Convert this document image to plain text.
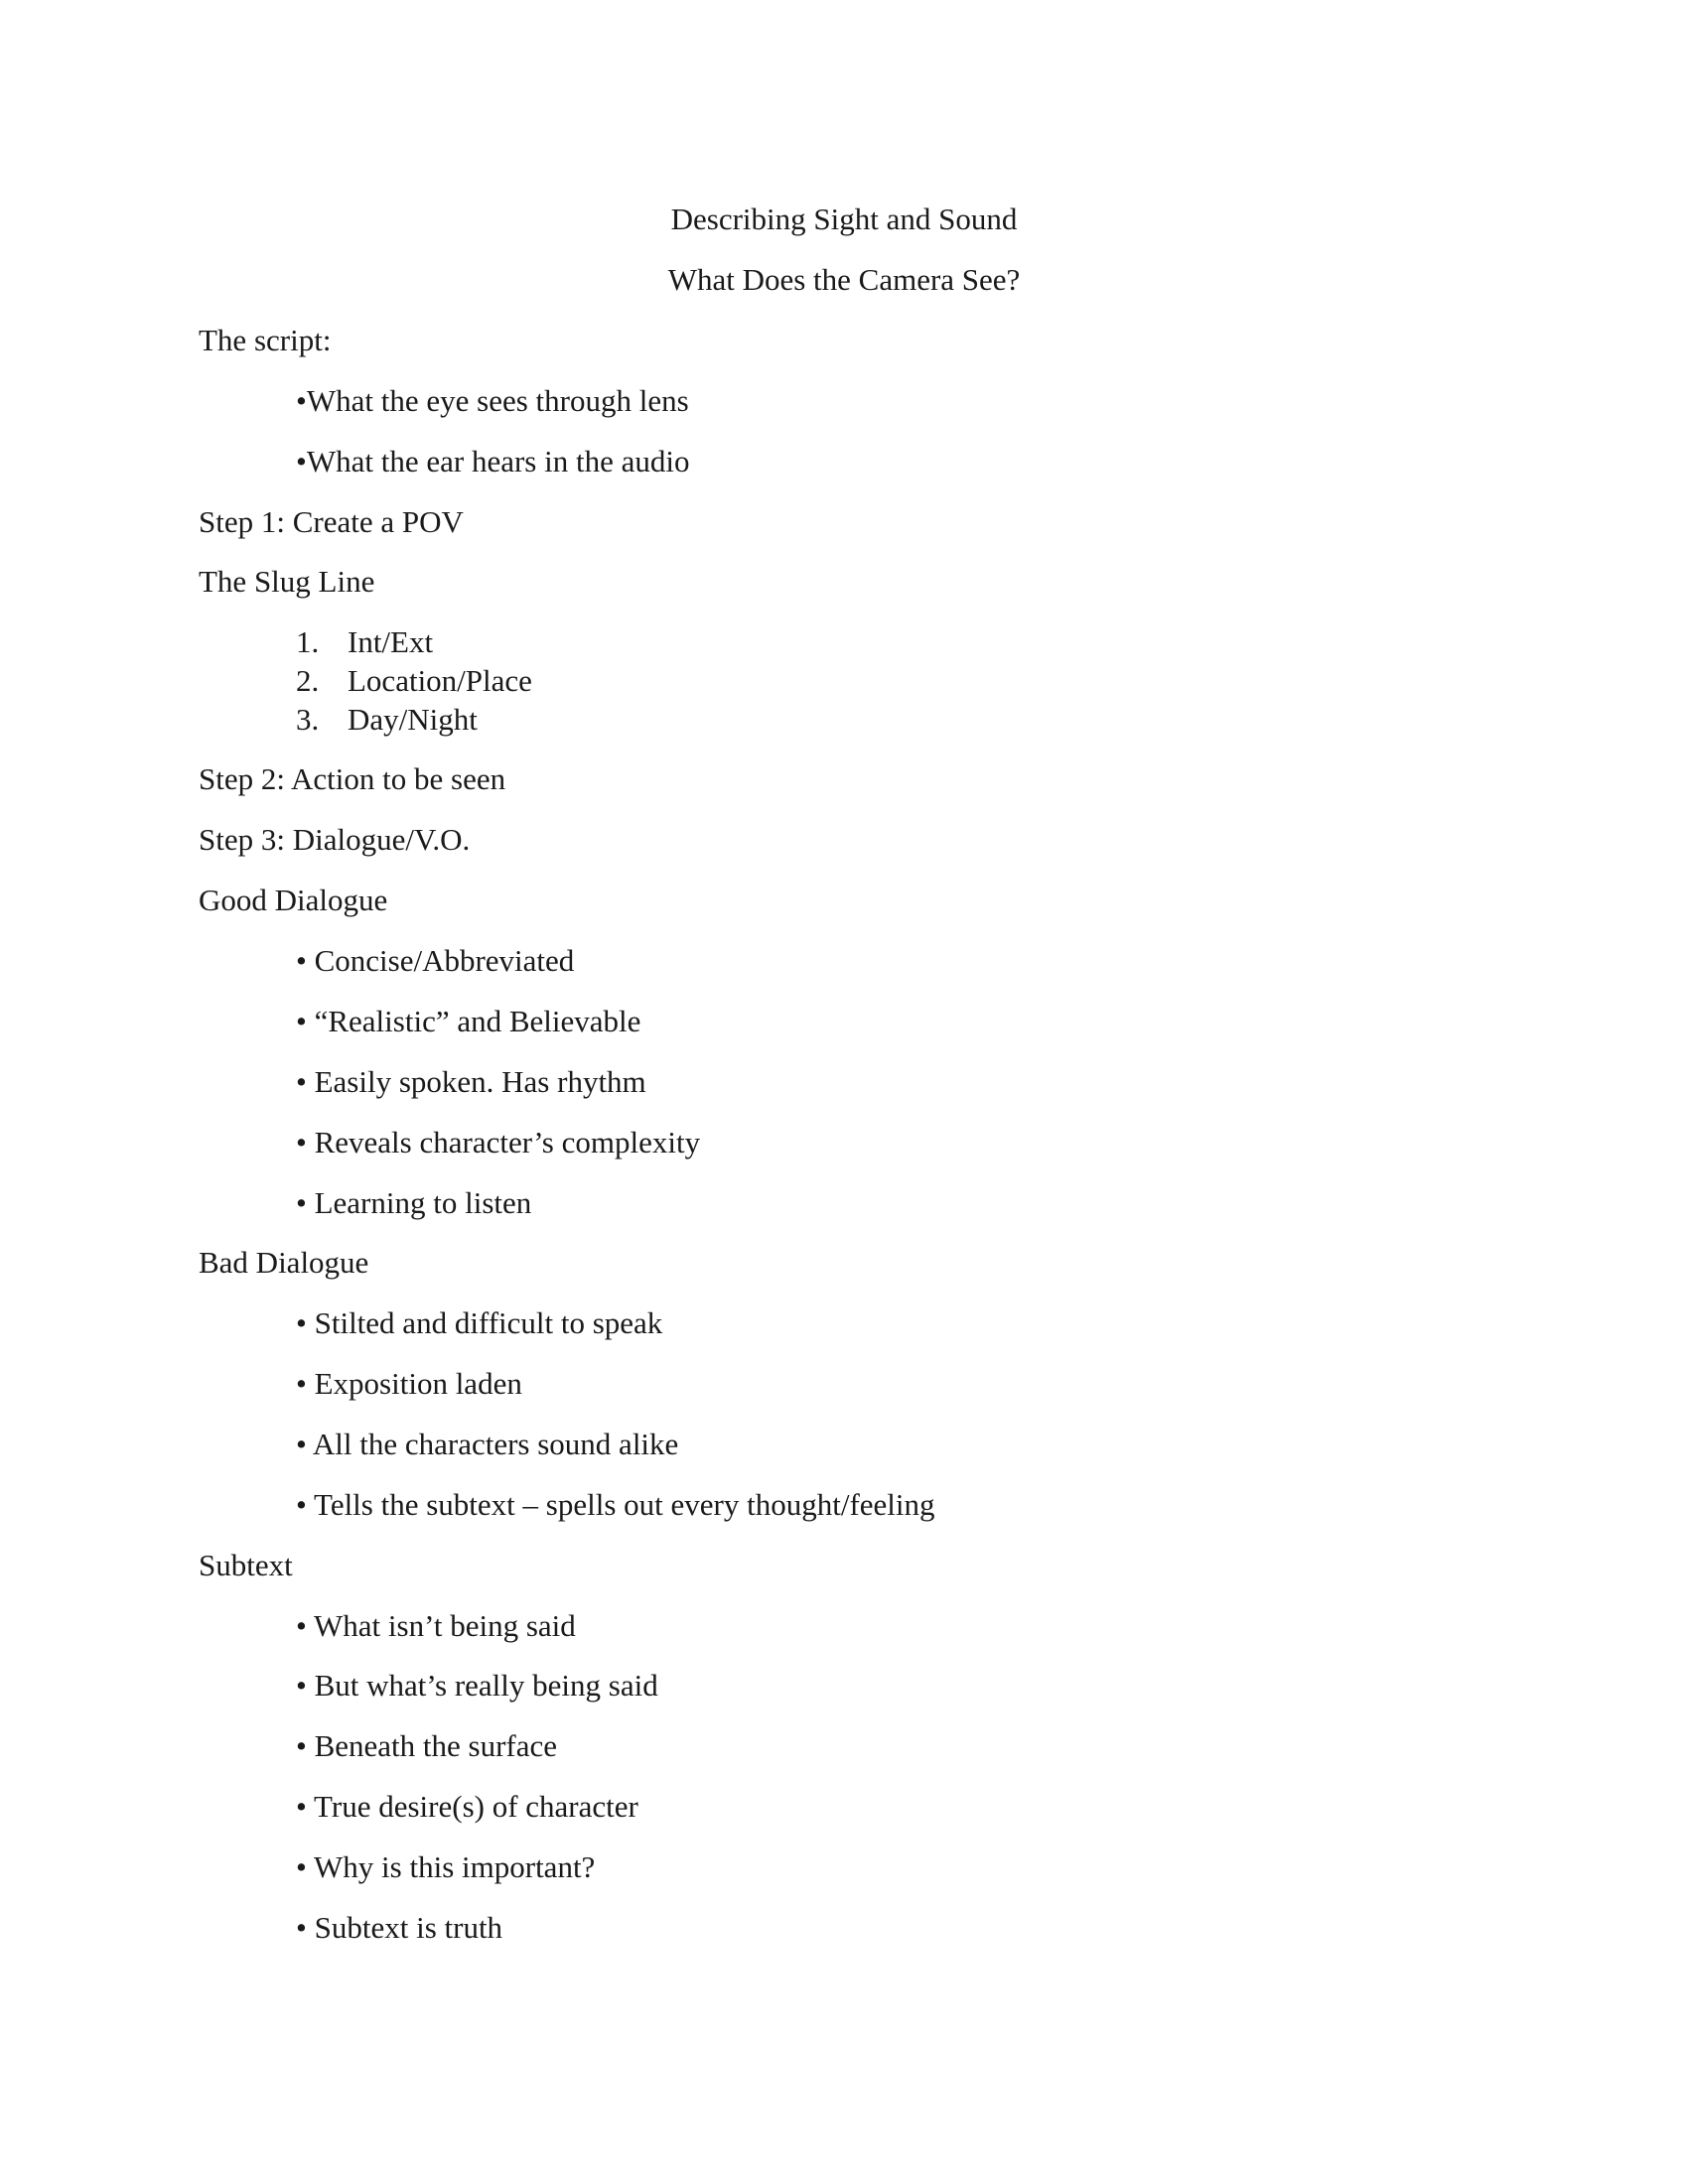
Describing Sight and Sound
What Does the Camera See?
The script:
•What the eye sees through lens
•What the ear hears in the audio
Step 1: Create a POV
The Slug Line
1. Int/Ext
2. Location/Place
3. Day/Night
Step 2: Action to be seen
Step 3: Dialogue/V.O.
Good Dialogue
• Concise/Abbreviated
• “Realistic” and Believable
• Easily spoken. Has rhythm
• Reveals character’s complexity
• Learning to listen
Bad Dialogue
• Stilted and difficult to speak
• Exposition laden
• All the characters sound alike
• Tells the subtext – spells out every thought/feeling
Subtext
• What isn’t being said
• But what’s really being said
• Beneath the surface
• True desire(s) of character
• Why is this important?
• Subtext is truth
